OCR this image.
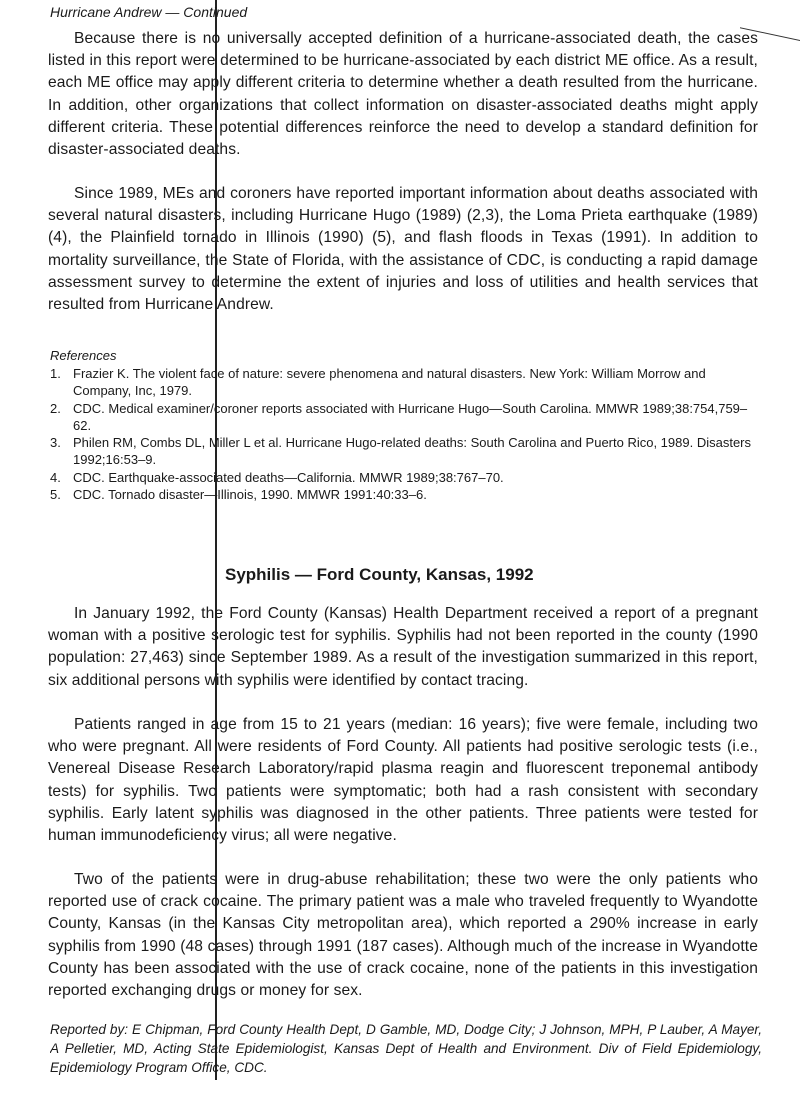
Hurricane Andrew — Continued

Because there is no universally accepted definition of a hurricane-associated death, the cases listed in this report were determined to be hurricane-associated by each district ME office. As a result, each ME office may apply different criteria to determine whether a death resulted from the hurricane. In addition, other organizations that collect information on disaster-associated deaths might apply different criteria. These potential differences reinforce the need to develop a standard definition for disaster-associated deaths.

Since 1989, MEs and coroners have reported important information about deaths associated with several natural disasters, including Hurricane Hugo (1989) (2,3), the Loma Prieta earthquake (1989) (4), the Plainfield tornado in Illinois (1990) (5), and flash floods in Texas (1991). In addition to mortality surveillance, the State of Florida, with the assistance of CDC, is conducting a rapid damage assessment survey to determine the extent of injuries and loss of utilities and health services that resulted from Hurricane Andrew.

References
1. Frazier K. The violent face of nature: severe phenomena and natural disasters. New York: William Morrow and Company, Inc, 1979.
2. CDC. Medical examiner/coroner reports associated with Hurricane Hugo—South Carolina. MMWR 1989;38:754,759–62.
3. Philen RM, Combs DL, Miller L et al. Hurricane Hugo-related deaths: South Carolina and Puerto Rico, 1989. Disasters 1992;16:53–9.
4. CDC. Earthquake-associated deaths—California. MMWR 1989;38:767–70.
5. CDC. Tornado disaster—Illinois, 1990. MMWR 1991:40:33–6.
Syphilis — Ford County, Kansas, 1992

In January 1992, the Ford County (Kansas) Health Department received a report of a pregnant woman with a positive serologic test for syphilis. Syphilis had not been reported in the county (1990 population: 27,463) since September 1989. As a result of the investigation summarized in this report, six additional persons with syphilis were identified by contact tracing.

Patients ranged in age from 15 to 21 years (median: 16 years); five were female, including two who were pregnant. All were residents of Ford County. All patients had positive serologic tests (i.e., Venereal Disease Research Laboratory/rapid plasma reagin and fluorescent treponemal antibody tests) for syphilis. Two patients were symptomatic; both had a rash consistent with secondary syphilis. Early latent syphilis was diagnosed in the other patients. Three patients were tested for human immunodeficiency virus; all were negative.

Two of the patients were in drug-abuse rehabilitation; these two were the only patients who reported use of crack cocaine. The primary patient was a male who traveled frequently to Wyandotte County, Kansas (in the Kansas City metropolitan area), which reported a 290% increase in early syphilis from 1990 (48 cases) through 1991 (187 cases). Although much of the increase in Wyandotte County has been associated with the use of crack cocaine, none of the patients in this investigation reported exchanging drugs or money for sex.

Reported by: E Chipman, Ford County Health Dept, D Gamble, MD, Dodge City; J Johnson, MPH, P Lauber, A Mayer, A Pelletier, MD, Acting State Epidemiologist, Kansas Dept of Health and Environment. Div of Field Epidemiology, Epidemiology Program Office, CDC.
